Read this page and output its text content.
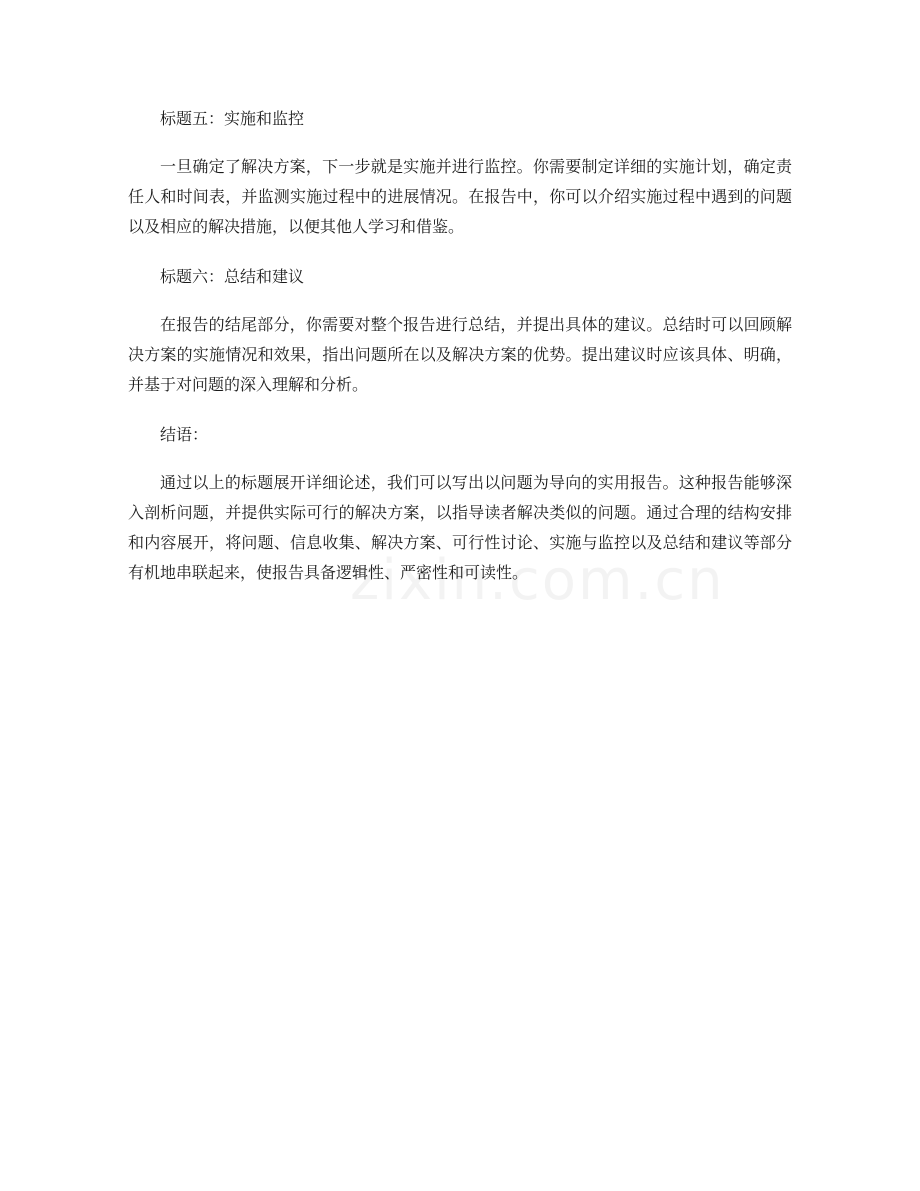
标题五：实施和监控

一旦确定了解决方案，下一步就是实施并进行监控。你需要制定详细的实施计划，确定责任人和时间表，并监测实施过程中的进展情况。在报告中，你可以介绍实施过程中遇到的问题以及相应的解决措施，以便其他人学习和借鉴。

标题六：总结和建议

在报告的结尾部分，你需要对整个报告进行总结，并提出具体的建议。总结时可以回顾解决方案的实施情况和效果，指出问题所在以及解决方案的优势。提出建议时应该具体、明确，并基于对问题的深入理解和分析。

结语：

通过以上的标题展开详细论述，我们可以写出以问题为导向的实用报告。这种报告能够深入剖析问题，并提供实际可行的解决方案，以指导读者解决类似的问题。通过合理的结构安排和内容展开，将问题、信息收集、解决方案、可行性讨论、实施与监控以及总结和建议等部分有机地串联起来，使报告具备逻辑性、严密性和可读性。
